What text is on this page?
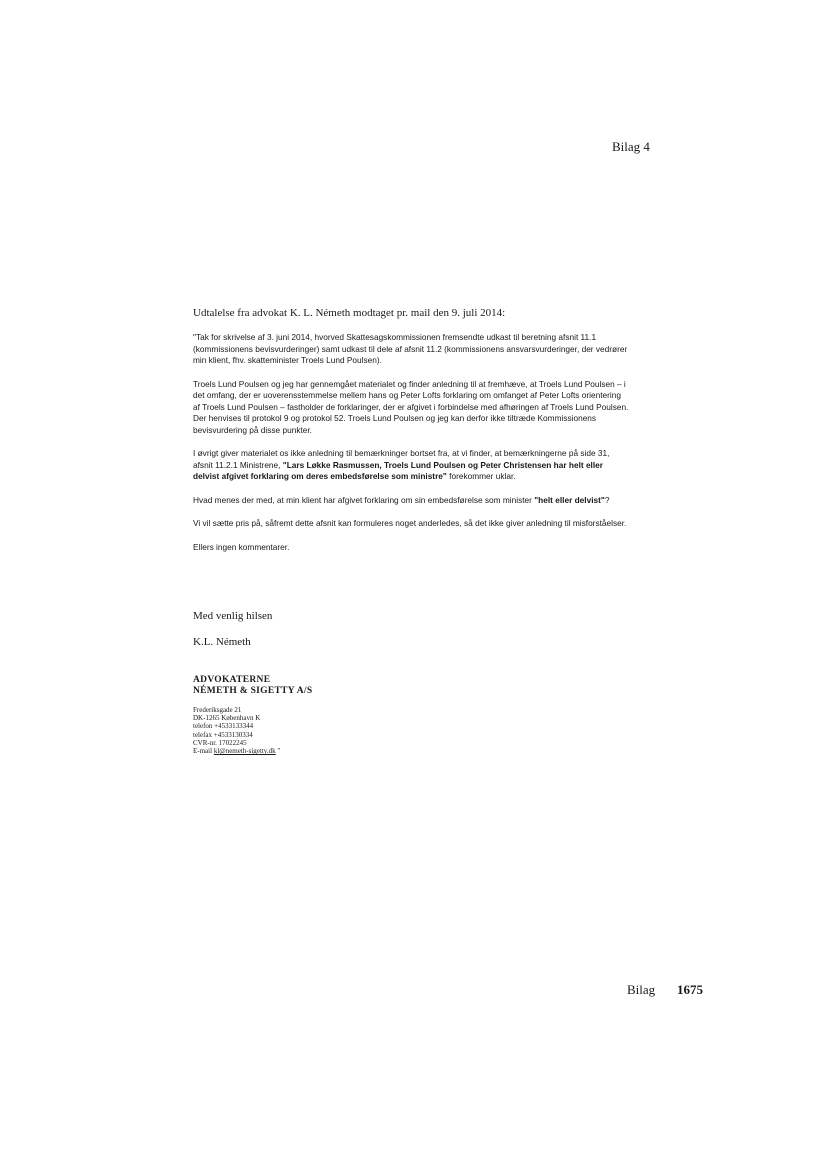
Bilag 4
Udtalelse fra advokat K. L. Németh modtaget pr. mail den 9. juli 2014:

"Tak for skrivelse af 3. juni 2014, hvorved Skattesagskommissionen fremsendte udkast til beretning afsnit 11.1 (kommissionens bevisvurderinger) samt udkast til dele af afsnit 11.2 (kommissionens ansvarsvurderinger, der vedrører min klient, fhv. skatteminister Troels Lund Poulsen).

Troels Lund Poulsen og jeg har gennemgået materialet og finder anledning til at fremhæve, at Troels Lund Poulsen – i det omfang, der er uoverensstemmelse mellem hans og Peter Lofts forklaring om omfanget af Peter Lofts orientering af Troels Lund Poulsen – fastholder de forklaringer, der er afgivet i forbindelse med afhøringen af Troels Lund Poulsen. Der henvises til protokol 9 og protokol 52. Troels Lund Poulsen og jeg kan derfor ikke tiltræde Kommissionens bevisvurdering på disse punkter.

I øvrigt giver materialet os ikke anledning til bemærkninger bortset fra, at vi finder, at bemærkningerne på side 31, afsnit 11.2.1 Ministrene, "Lars Løkke Rasmussen, Troels Lund Poulsen og Peter Christensen har helt eller delvist afgivet forklaring om deres embedsførelse som ministre" forekommer uklar.

Hvad menes der med, at min klient har afgivet forklaring om sin embedsførelse som minister "helt eller delvist"?

Vi vil sætte pris på, såfremt dette afsnit kan formuleres noget anderledes, så det ikke giver anledning til misforståelser.

Ellers ingen kommentarer.

Med venlig hilsen
K.L. Németh
ADVOKATERNE
NÉMETH & SIGETTY A/S
Frederiksgade 21
DK-1265 København K
telefon +4533133344
telefax +4533130334
CVR-nr. 17022245
E-mail kl@nemeth-sigetty.dk "
Bilag 1675
